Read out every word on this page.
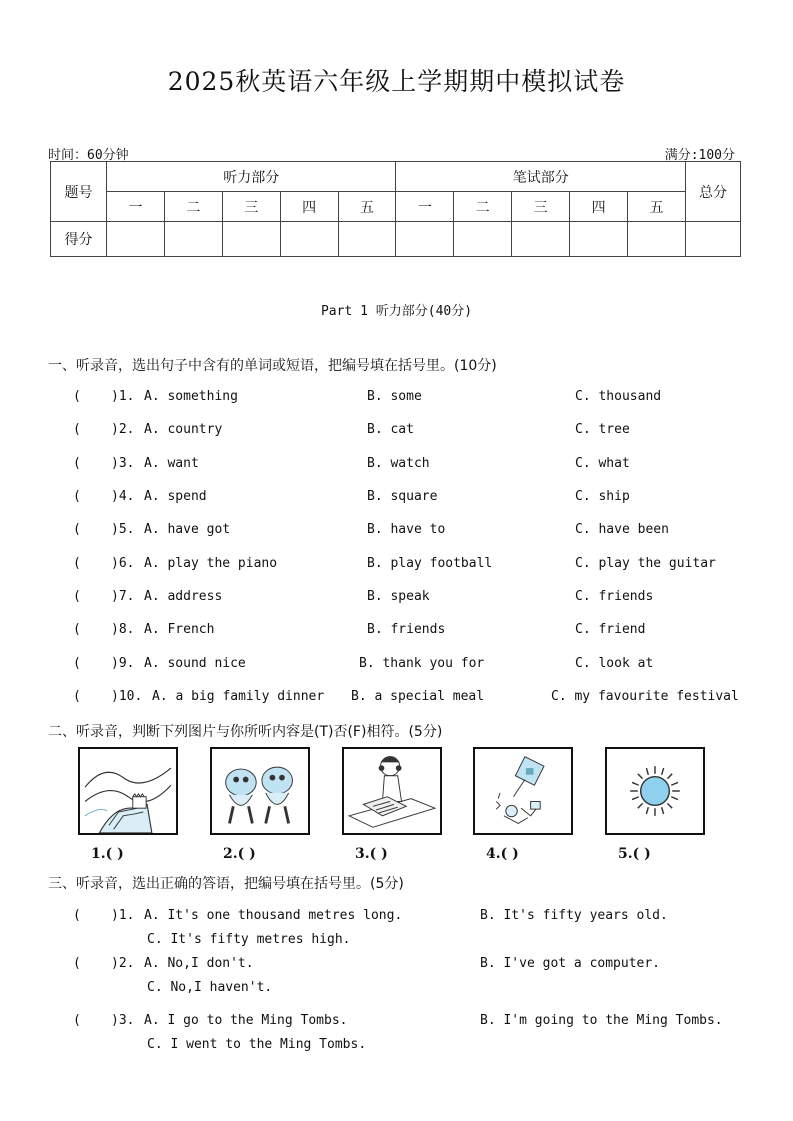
2025秋英语六年级上学期期中模拟试卷
时间：60分钟	满分:100分
题号	听力部分					笔试部分					总分
	一	二	三	四	五	一	二	三	四	五	
得分											
Part 1 听力部分(40分)
一、听录音，选出句子中含有的单词或短语，把编号填在括号里。(10分)
( )1. A. something	B. some	C. thousand
( )2. A. country	B. cat	C. tree
( )3. A. want	B. watch	C. what
( )4. A. spend	B. square	C. ship
( )5. A. have got	B. have to	C. have been
( )6. A. play the piano	B. play football	C. play the guitar
( )7. A. address	B. speak	C. friends
( )8. A. French	B. friends	C. friend
( )9. A. sound nice	B. thank you for	C. look at
( )10. A. a big family dinner B. a special meal	C. my favourite festival
二、听录音，判断下列图片与你所听内容是(T)否(F)相符。(5分)
1.( )	2.( )	3.( )	4.( )	5.( )
三、听录音，选出正确的答语，把编号填在括号里。(5分)
( )1. A. It's one thousand metres long.	B. It's fifty years old.
C. It's fifty metres high.
( )2. A. No,I don't.	B. I've got a computer.
C. No,I haven't.
( )3. A. I go to the Ming Tombs.	B. I'm going to the Ming Tombs.
C. I went to the Ming Tombs.
